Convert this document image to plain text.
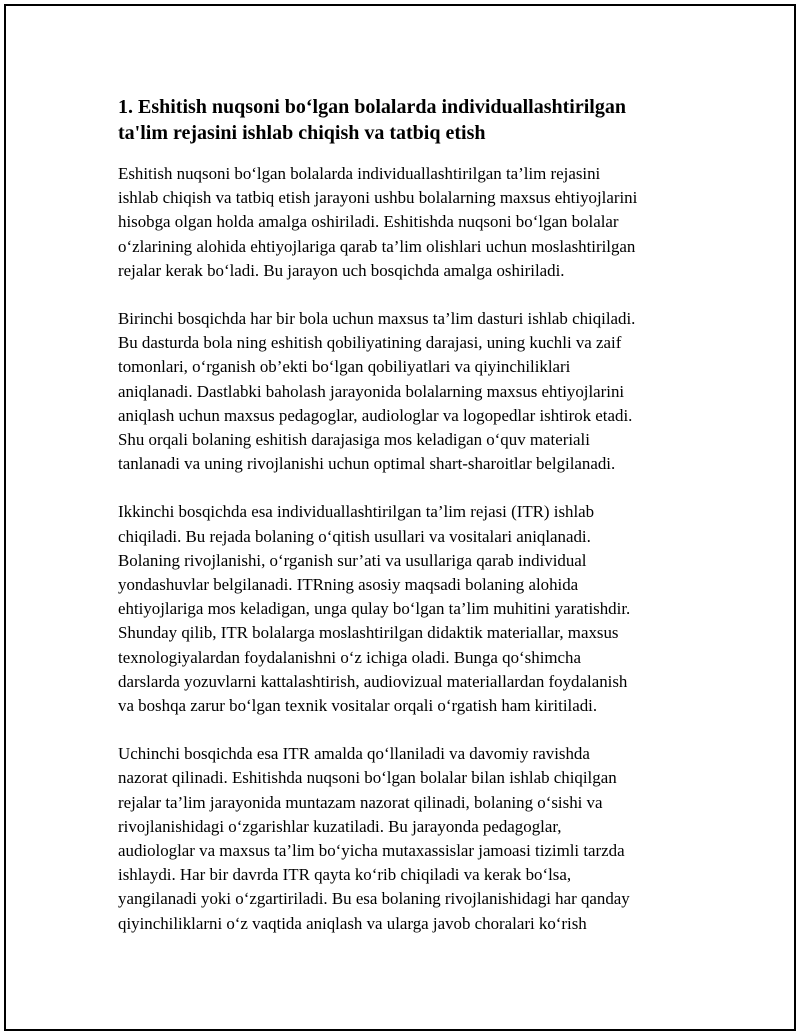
1. Eshitish nuqsoni bo‘lgan bolalarda individuallashtirilgan
ta'lim rejasini ishlab chiqish va tatbiq etish

Eshitish nuqsoni bo‘lgan bolalarda individuallashtirilgan ta’lim rejasini
ishlab chiqish va tatbiq etish jarayoni ushbu bolalarning maxsus ehtiyojlarini
hisobga olgan holda amalga oshiriladi. Eshitishda nuqsoni bo‘lgan bolalar
o‘zlarining alohida ehtiyojlariga qarab ta’lim olishlari uchun moslashtirilgan
rejalar kerak bo‘ladi. Bu jarayon uch bosqichda amalga oshiriladi.

Birinchi bosqichda har bir bola uchun maxsus ta’lim dasturi ishlab chiqiladi.
Bu dasturda bola ning eshitish qobiliyatining darajasi, uning kuchli va zaif
tomonlari, o‘rganish ob’ekti bo‘lgan qobiliyatlari va qiyinchiliklari
aniqlanadi. Dastlabki baholash jarayonida bolalarning maxsus ehtiyojlarini
aniqlash uchun maxsus pedagoglar, audiologlar va logopedlar ishtirok etadi.
Shu orqali bolaning eshitish darajasiga mos keladigan o‘quv materiali
tanlanadi va uning rivojlanishi uchun optimal shart-sharoitlar belgilanadi.

Ikkinchi bosqichda esa individuallashtirilgan ta’lim rejasi (ITR) ishlab
chiqiladi. Bu rejada bolaning o‘qitish usullari va vositalari aniqlanadi.
Bolaning rivojlanishi, o‘rganish sur’ati va usullariga qarab individual
yondashuvlar belgilanadi. ITRning asosiy maqsadi bolaning alohida
ehtiyojlariga mos keladigan, unga qulay bo‘lgan ta’lim muhitini yaratishdir.
Shunday qilib, ITR bolalarga moslashtirilgan didaktik materiallar, maxsus
texnologiyalardan foydalanishni o‘z ichiga oladi. Bunga qo‘shimcha
darslarda yozuvlarni kattalashtirish, audiovizual materiallardan foydalanish
va boshqa zarur bo‘lgan texnik vositalar orqali o‘rgatish ham kiritiladi.

Uchinchi bosqichda esa ITR amalda qo‘llaniladi va davomiy ravishda
nazorat qilinadi. Eshitishda nuqsoni bo‘lgan bolalar bilan ishlab chiqilgan
rejalar ta’lim jarayonida muntazam nazorat qilinadi, bolaning o‘sishi va
rivojlanishidagi o‘zgarishlar kuzatiladi. Bu jarayonda pedagoglar,
audiologlar va maxsus ta’lim bo‘yicha mutaxassislar jamoasi tizimli tarzda
ishlaydi. Har bir davrda ITR qayta ko‘rib chiqiladi va kerak bo‘lsa,
yangilanadi yoki o‘zgartiriladi. Bu esa bolaning rivojlanishidagi har qanday
qiyinchiliklarni o‘z vaqtida aniqlash va ularga javob choralari ko‘rish
